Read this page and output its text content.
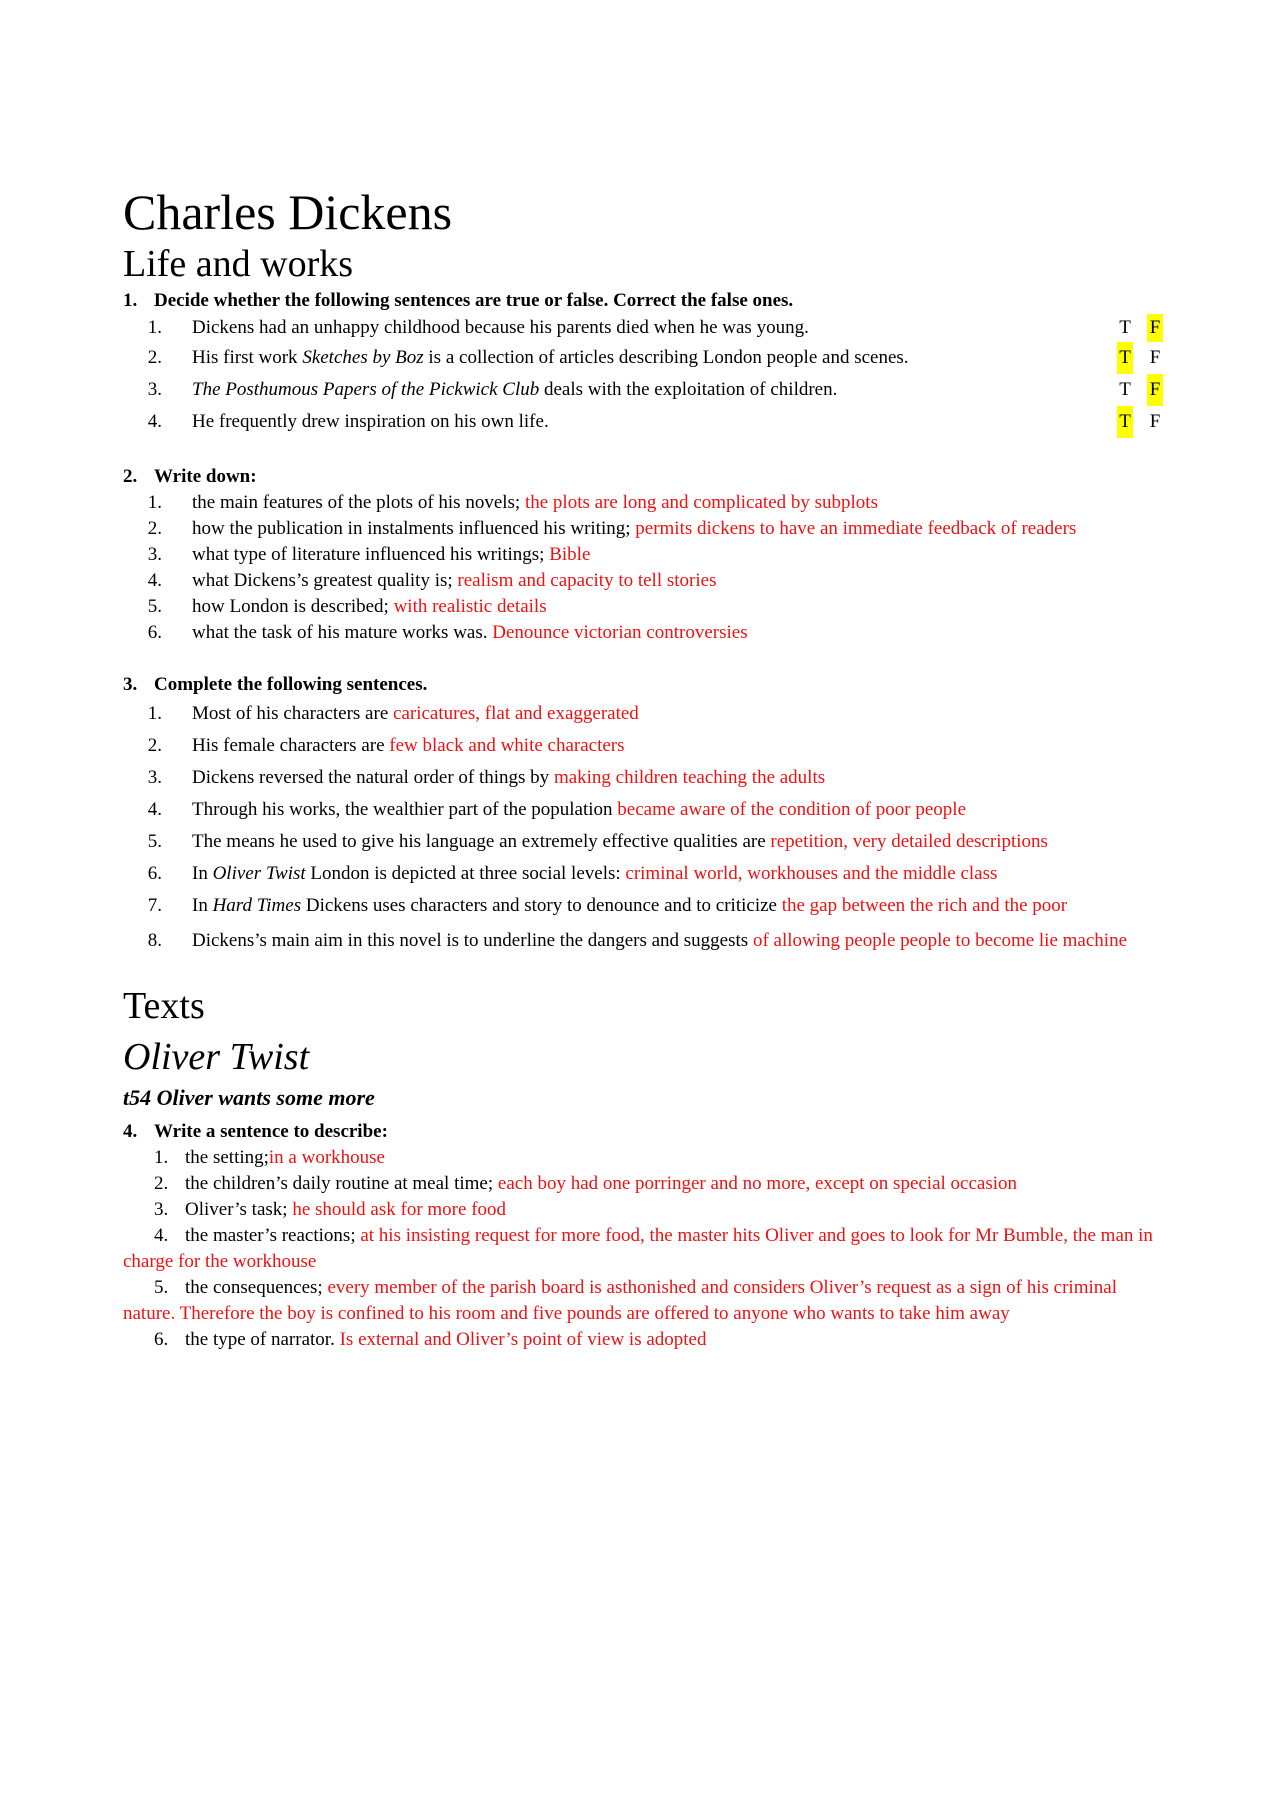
Charles Dickens
Life and works
1. Decide whether the following sentences are true or false. Correct the false ones.
1.	Dickens had an unhappy childhood because his parents died when he was young.	T F
2.	His first work Sketches by Boz is a collection of articles describing London people and scenes.	T F
3.	The Posthumous Papers of the Pickwick Club deals with the exploitation of children.	T F
4.	He frequently drew inspiration on his own life.	T F
2. Write down:
1.	the main features of the plots of his novels; the plots are long and complicated by subplots
2.	how the publication in instalments influenced his writing; permits dickens to have an immediate feedback of readers
3.	what type of literature influenced his writings; Bible
4.	what Dickens’s greatest quality is; realism and capacity to tell stories
5.	how London is described; with realistic details
6.	what the task of his mature works was. Denounce victorian controversies
3. Complete the following sentences.
1.	Most of his characters are caricatures, flat and exaggerated
2.	His female characters are few black and white characters
3.	Dickens reversed the natural order of things by making children teaching the adults
4.	Through his works, the wealthier part of the population became aware of the condition of poor people
5.	The means he used to give his language an extremely effective qualities are repetition, very detailed descriptions
6.	In Oliver Twist London is depicted at three social levels: criminal world, workhouses and the middle class
7.	In Hard Times Dickens uses characters and story to denounce and to criticize the gap between the rich and the poor
8.	Dickens’s main aim in this novel is to underline the dangers and suggests of allowing people people to become lie machine
Texts
Oliver Twist
t54 Oliver wants some more
4. Write a sentence to describe:
1. the setting;in a workhouse
2. the children’s daily routine at meal time; each boy had one porringer and no more, except on special occasion
3. Oliver’s task; he should ask for more food
4. the master’s reactions; at his insisting request for more food, the master hits Oliver and goes to look for Mr Bumble, the man in charge for the workhouse
5. the consequences; every member of the parish board is asthonished and considers Oliver’s request as a sign of his criminal nature. Therefore the boy is confined to his room and five pounds are offered to anyone who wants to take him away
6. the type of narrator. Is external and Oliver’s point of view is adopted
